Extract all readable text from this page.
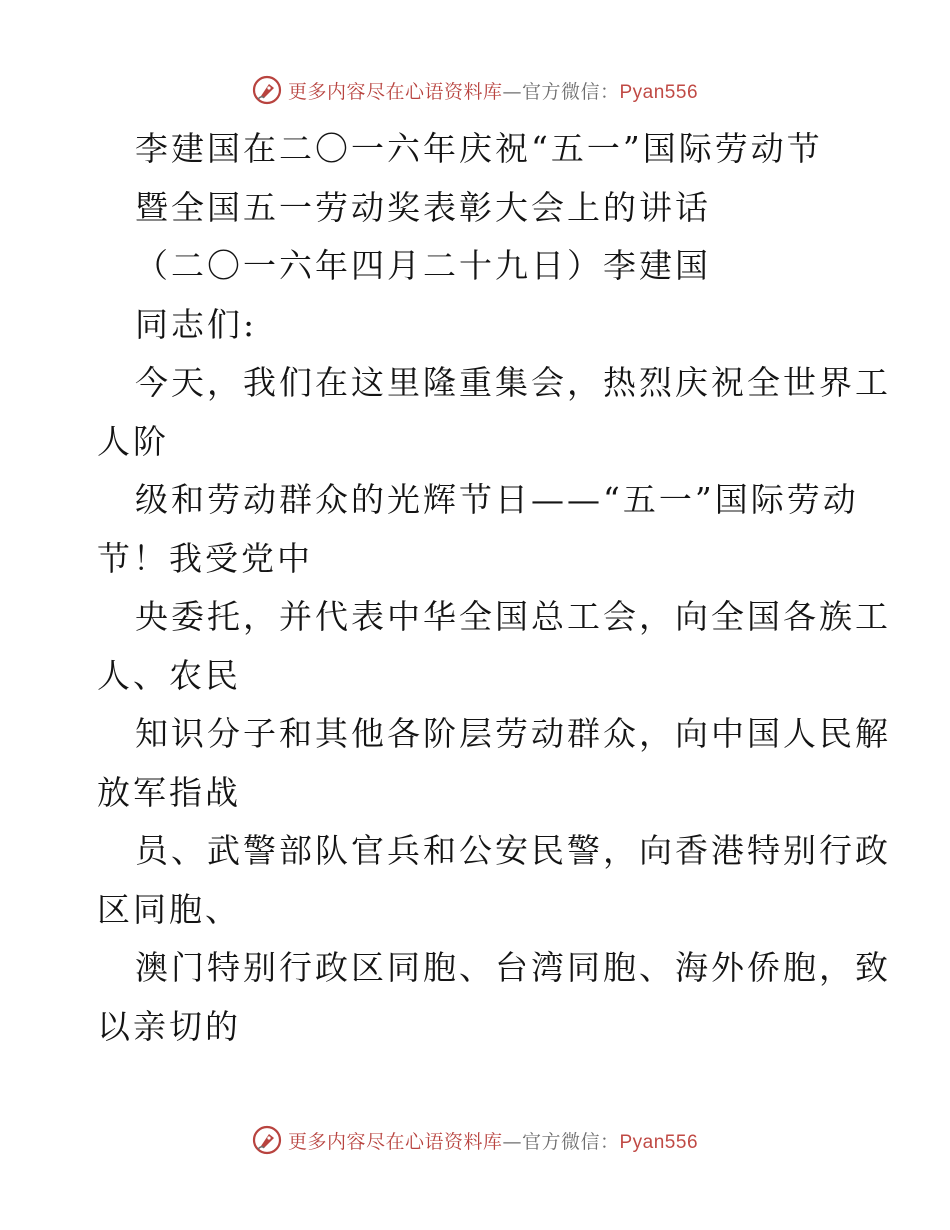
更多内容尽在心语资料库—官方微信：Pyan556
李建国在二〇一六年庆祝“五一”国际劳动节
暨全国五一劳动奖表彰大会上的讲话
（二〇一六年四月二十九日）李建国
同志们:
今天，我们在这里隆重集会，热烈庆祝全世界工
人阶
级和劳动群众的光辉节日——“五一”国际劳动
节！我受党中
央委托，并代表中华全国总工会，向全国各族工
人、农民
知识分子和其他各阶层劳动群众，向中国人民解
放军指战
员、武警部队官兵和公安民警，向香港特别行政
区同胞、
澳门特别行政区同胞、台湾同胞、海外侨胞，致
以亲切的
更多内容尽在心语资料库—官方微信：Pyan556
